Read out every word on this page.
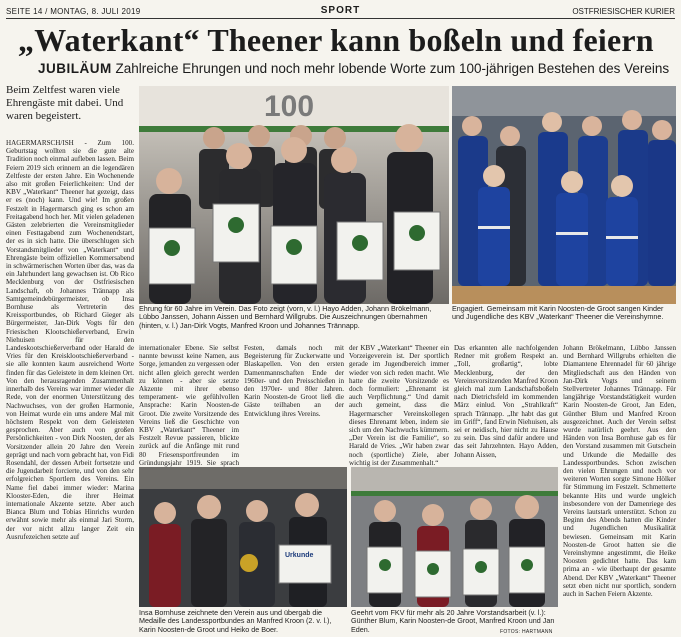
SEITE 14 / MONTAG, 8. JULI 2019	SPORT	OSTFRIESISCHER KURIER
„Waterkant“ Theener kann boßeln und feiern
JUBILÄUM Zahlreiche Ehrungen und noch mehr lobende Worte zum 100-jährigen Bestehen des Vereins
Beim Zeltfest waren viele Ehrengäste mit dabei. Und waren begeistert.
HAGERMARSCH/ISH - Zum 100. Geburtstag wollten sie die gute alte Tradition noch einmal aufleben lassen. Beim Feiern 2019 sich erinnern an die legendären Zeltfeste der ersten Jahre. Ein Wochenende also mit großen Feierlichkeiten: Und der KBV „Waterkant“ Theener hat gezeigt, dass er es (noch) kann. Und wie! Im großen Festzelt in Hagermarsch ging es schon am Freitagabend hoch her. Mit vielen geladenen Gästen zelebrierten die Vereinsmitglieder einen Festtagabend zum Wochenendstart, der es in sich hatte. Die überschlugen sich Vorstandsmitglieder von „Waterkant“ und Ehrengäste beim offiziellen Kommersabend in schwärmerischen Worten über das, was da ein Jahrhundert lang gewachsen ist. Ob Rico Mecklenburg von der Ostfriesischen Landschaft, ob Johannes Trännapp als Samtgemeindebürgermeister, ob Insa Bornhuse als Vertreterin des Kreissportbundes, ob Richard Gieger als Bürgermeister, Jan-Dirk Vogts für den Friesischen Klootschießerverband, Erwin Niehuisen für den Landeskootschießerverband oder Harald de Vries für den Kreisklootschießerverband - sie alle konnten kaum ausreichend Worte finden für das Geleistete in dem kleinen Ort. Von den herausragenden Zusammenhalt innerhalb des Vereins war immer wieder die Rede, von der enormen Unterstützung des Nachwuchses, von der großen Harmonie, von Heimat wurde ein ums andere Mal mit höchstem Respekt von dem Geleisteten gesprochen. Aber auch von großen Persönlichkeiten - von Dirk Noosten, der als Vorsitzender allein 20 Jahre den Verein geprägt und nach vorn gebracht hat, von Fidi Rosendahl, der dessen Arbeit fortsetzte und die Jugendarbeit forcierte, und von den sehr erfolgreichen Sportlern des Vereins. Ein Name fiel dabei immer wieder: Marina Klooster-Eden, die ihrer Heimat internationale Akzente setzte. Aber auch Bianca Blum und Tobias Hinrichs wurden erwähnt sowie mehr als einmal Jari Storm, der vor nicht allzu langer Zeit ein Ausrufezeichen setzte auf
100
Ehrung für 60 Jahre im Verein. Das Foto zeigt (vorn, v. l.) Hayo Adden, Johann Brökelmann, Lübbo Janssen, Johann Aissen und Bernhard Willgrubs. Die Auszeichnungen übernahmen (hinten, v. l.) Jan-Dirk Vogts, Manfred Kroon und Johannes Trännapp.
Engagiert. Gemeinsam mit Karin Noosten-de Groot sangen Kinder und Jugendliche des KBV „Waterkant“ Theener die Vereinshymne.
internationaler Ebene. Sie selbst nannte bewusst keine Namen, aus Sorge, jemanden zu vergessen oder nicht allen gleich gerecht werden zu können - aber sie setzte Akzente mit ihrer ebenso temperament- wie gefühlvollen Ansprache: Karin Noosten-de Groot. Die zweite Vorsitzende des Vereins ließ die Geschichte von KBV „Waterkant“ Theener im Festzelt Revue passieren, blickte zurück auf die Anfänge mit rund 80 Friesensportfreunden im Gründungsjahr 1919. Sie sprach
Festen, damals noch mit Begeisterung für Zuckerwatte und Blaskapellen. Von den ersten Damenmannschaften Ende der 1960er- und den Preisschießen in den 1970er- und 80er Jahren. Karin Noosten-de Groot ließ die Gäste teilhaben an der Entwicklung ihres Vereins.
der KBV „Waterkant“ Theener ein Vorzeigeverein ist. Der sportlich gerade im Jugendbereich immer wieder von sich reden macht. Wie hatte die zweite Vorsitzende es doch formuliert: „Ehrenamt ist auch Verpflichtung.“ Und damit auch gemeint, dass die Hagermarscher Vereinskollegen dieses Ehrenamt leben, indem sie sich um den Nachwuchs kümmern. „Der Verein ist die Familie“, so Harald de Vries. „Wir haben zwar noch (sportliche) Ziele, aber wichtig ist der Zusammenhalt.“
Das erkannten alle nachfolgenden Redner mit großem Respekt an. „Toll, großartig“, lobte Mecklenburg, der den Vereinsvorsitzenden Manfred Kroon gleich mal zum Landschaftsboßeln nach Dietrichsfeld im kommenden März einlud. Von „Strahlkraft“ sprach Trännapp. „Ihr habt das gut im Griff“, fand Erwin Niehuisen, als sei er neidisch, hier nicht zu Hause zu sein. Das sind dafür andere und das seit Jahrzehnten. Hayo Adden, Johann Aissen,
Johann Brökelmann, Lübbo Janssen und Bernhard Willgrubs erhielten die Diamantene Ehrennadel für 60 jährige Mitgliedschaft aus den Händen von Jan-Dirk Vogts und seinem Stellvertreter Johannes Trännapp. Für langjährige Vorstandstätigkeit wurden Karin Noosten-de Groot, Jan Eden, Günther Blum und Manfred Kroon ausgezeichnet. Auch der Verein selbst wurde natürlich geehrt. Aus den Händen von Insa Bornhuse gab es für den Vorstand zusammen mit Gutschein und Urkunde die Medaille des Landessportbundes. Schon zwischen den vielen Ehrungen und noch vor weiteren Worten sorgte Simone Hölker für Stimmung im Festzelt. Schmetterte bekannte Hits und wurde ungleich insbesondere von der Damenriege des Vereins lautstark unterstützt. Schon zu Beginn des Abends hatten die Kinder und Jugendlichen Musikalität bewiesen. Gemeinsam mit Karin Noosten-de Groot hatten sie die Vereinshymne angestimmt, die Heike Noosten gedichtet hatte. Das kam prima an - wie überhaupt der gesamte Abend. Der KBV „Waterkant“ Theener setzt eben nicht nur sportlich, sondern auch in Sachen Feiern Akzente.
Urkunde
Insa Bornhuse zeichnete den Verein aus und übergab die Medaille des Landessportbundes an Manfred Kroon (2. v. l.), Karin Noosten-de Groot und Heiko de Boer.
Geehrt vom FKV für mehr als 20 Jahre Vorstandsarbeit (v. l.): Günther Blum, Karin Noosten-de Groot, Manfred Kroon und Jan Eden.	FOTOS: HARTMANN
